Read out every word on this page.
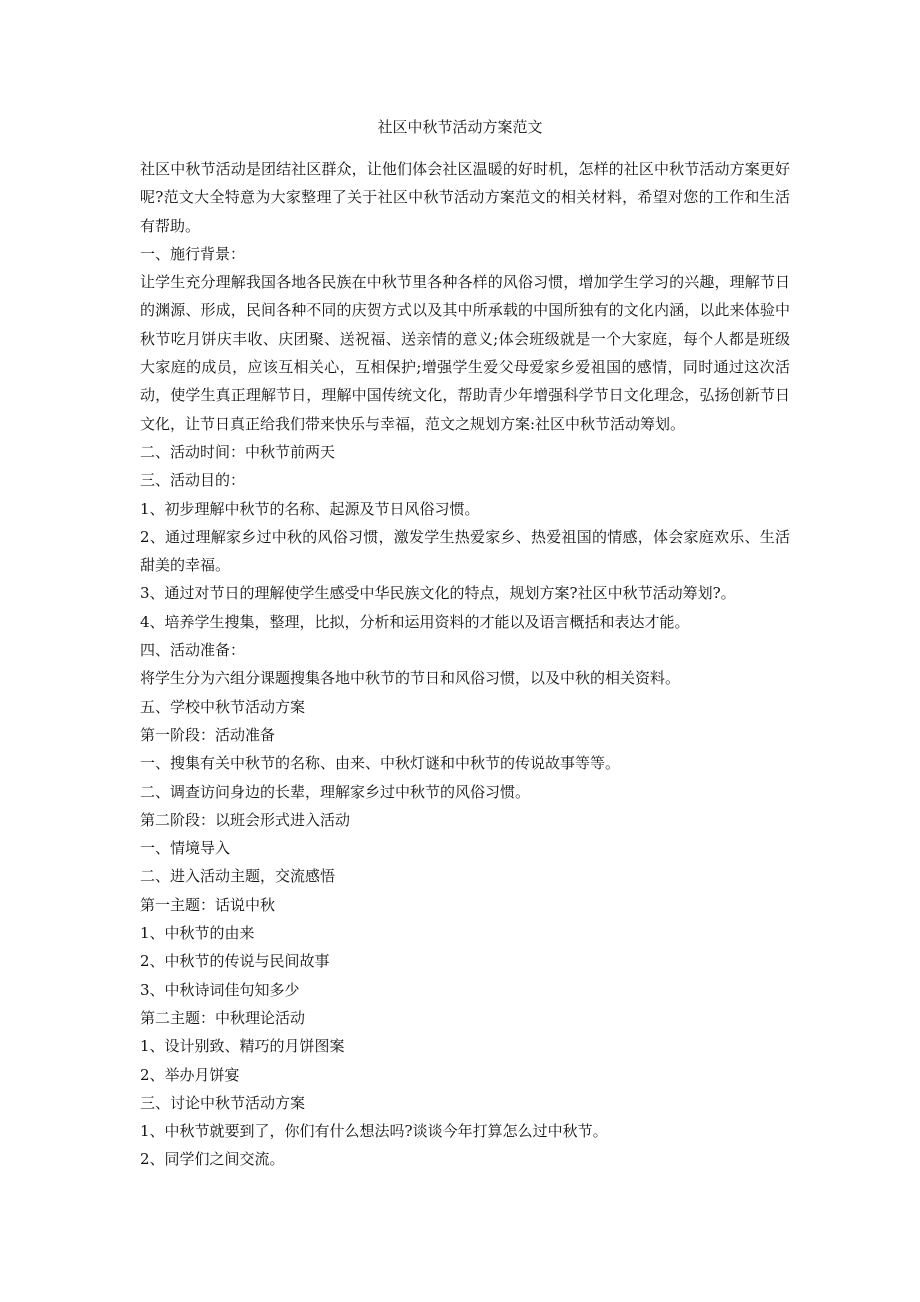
社区中秋节活动方案范文

社区中秋节活动是团结社区群众，让他们体会社区温暖的好时机，怎样的社区中秋节活动方案更好呢?范文大全特意为大家整理了关于社区中秋节活动方案范文的相关材料，希望对您的工作和生活有帮助。

一、施行背景：

让学生充分理解我国各地各民族在中秋节里各种各样的风俗习惯，增加学生学习的兴趣，理解节日的渊源、形成，民间各种不同的庆贺方式以及其中所承载的中国所独有的文化内涵，以此来体验中秋节吃月饼庆丰收、庆团聚、送祝福、送亲情的意义;体会班级就是一个大家庭，每个人都是班级大家庭的成员，应该互相关心，互相保护;增强学生爱父母爱家乡爱祖国的感情，同时通过这次活动，使学生真正理解节日，理解中国传统文化，帮助青少年增强科学节日文化理念，弘扬创新节日文化，让节日真正给我们带来快乐与幸福，范文之规划方案:社区中秋节活动筹划。

二、活动时间：中秋节前两天

三、活动目的：

1、初步理解中秋节的名称、起源及节日风俗习惯。

2、通过理解家乡过中秋的风俗习惯，激发学生热爱家乡、热爱祖国的情感，体会家庭欢乐、生活甜美的幸福。

3、通过对节日的理解使学生感受中华民族文化的特点，规划方案?社区中秋节活动筹划?。

4、培养学生搜集，整理，比拟，分析和运用资料的才能以及语言概括和表达才能。

四、活动准备：

将学生分为六组分课题搜集各地中秋节的节日和风俗习惯，以及中秋的相关资料。

五、学校中秋节活动方案

第一阶段：活动准备

一、搜集有关中秋节的名称、由来、中秋灯谜和中秋节的传说故事等等。

二、调查访问身边的长辈，理解家乡过中秋节的风俗习惯。

第二阶段：以班会形式进入活动

一、情境导入

二、进入活动主题，交流感悟

第一主题：话说中秋

1、中秋节的由来

2、中秋节的传说与民间故事

3、中秋诗词佳句知多少

第二主题：中秋理论活动

1、设计别致、精巧的月饼图案

2、举办月饼宴

三、讨论中秋节活动方案

1、中秋节就要到了，你们有什么想法吗?谈谈今年打算怎么过中秋节。

2、同学们之间交流。
